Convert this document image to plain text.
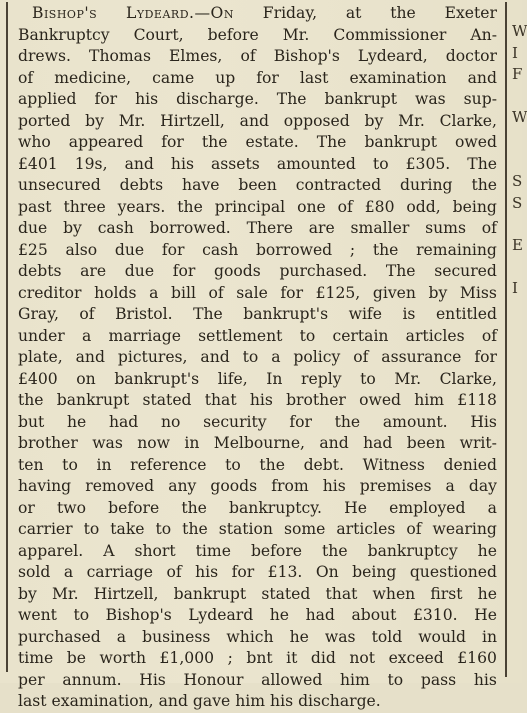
Bishop's Lydeard.—On Friday, at the Exeter
Bankruptcy Court, before Mr. Commissioner An-
drews. Thomas Elmes, of Bishop's Lydeard, doctor
of medicine, came up for last examination and
applied for his discharge. The bankrupt was sup-
ported by Mr. Hirtzell, and opposed by Mr. Clarke,
who appeared for the estate. The bankrupt owed
£401 19s, and his assets amounted to £305. The
unsecured debts have been contracted during the
past three years. the principal one of £80 odd, being
due by cash borrowed. There are smaller sums of
£25 also due for cash borrowed ; the remaining
debts are due for goods purchased. The secured
creditor holds a bill of sale for £125, given by Miss
Gray, of Bristol. The bankrupt's wife is entitled
under a marriage settlement to certain articles of
plate, and pictures, and to a policy of assurance for
£400 on bankrupt's life, In reply to Mr. Clarke,
the bankrupt stated that his brother owed him £118
but he had no security for the amount. His
brother was now in Melbourne, and had been writ-
ten to in reference to the debt. Witness denied
having removed any goods from his premises a day
or two before the bankruptcy. He employed a
carrier to take to the station some articles of wearing
apparel. A short time before the bankruptcy he
sold a carriage of his for £13. On being questioned
by Mr. Hirtzell, bankrupt stated that when first he
went to Bishop's Lydeard he had about £310. He
purchased a business which he was told would in
time be worth £1,000 ; bnt it did not exceed £160
per annum. His Honour allowed him to pass his
last examination, and gave him his discharge.
W
I
F
W
S
S
E
I
